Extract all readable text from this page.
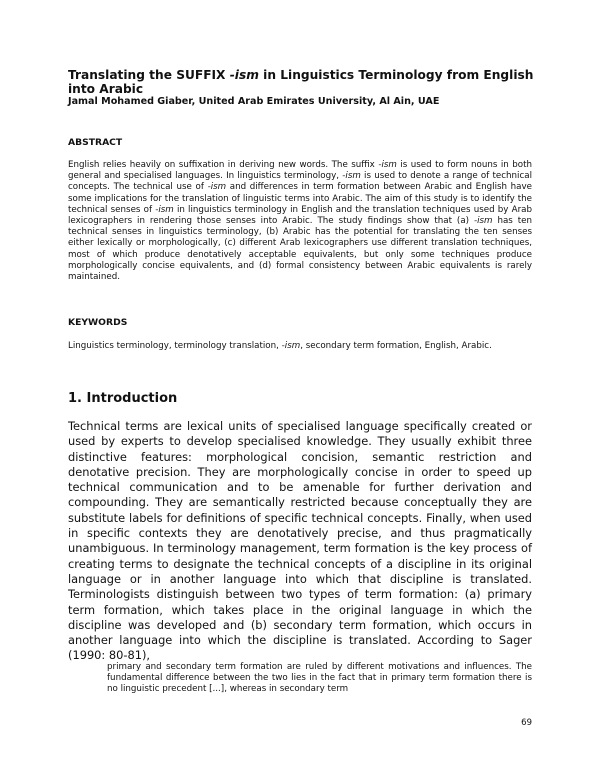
Translating the SUFFIX -ism in Linguistics Terminology from English into Arabic

Jamal Mohamed Giaber, United Arab Emirates University, Al Ain, UAE

ABSTRACT

English relies heavily on suffixation in deriving new words. The suffix -ism is used to form nouns in both general and specialised languages. In linguistics terminology, -ism is used to denote a range of technical concepts. The technical use of -ism and differences in term formation between Arabic and English have some implications for the translation of linguistic terms into Arabic. The aim of this study is to identify the technical senses of -ism in linguistics terminology in English and the translation techniques used by Arab lexicographers in rendering those senses into Arabic. The study findings show that (a) -ism has ten technical senses in linguistics terminology, (b) Arabic has the potential for translating the ten senses either lexically or morphologically, (c) different Arab lexicographers use different translation techniques, most of which produce denotatively acceptable equivalents, but only some techniques produce morphologically concise equivalents, and (d) formal consistency between Arabic equivalents is rarely maintained.

KEYWORDS

Linguistics terminology, terminology translation, -ism, secondary term formation, English, Arabic.

1. Introduction

Technical terms are lexical units of specialised language specifically created or used by experts to develop specialised knowledge. They usually exhibit three distinctive features: morphological concision, semantic restriction and denotative precision. They are morphologically concise in order to speed up technical communication and to be amenable for further derivation and compounding. They are semantically restricted because conceptually they are substitute labels for definitions of specific technical concepts. Finally, when used in specific contexts they are denotatively precise, and thus pragmatically unambiguous. In terminology management, term formation is the key process of creating terms to designate the technical concepts of a discipline in its original language or in another language into which that discipline is translated. Terminologists distinguish between two types of term formation: (a) primary term formation, which takes place in the original language in which the discipline was developed and (b) secondary term formation, which occurs in another language into which the discipline is translated. According to Sager (1990: 80-81),

primary and secondary term formation are ruled by different motivations and influences. The fundamental difference between the two lies in the fact that in primary term formation there is no linguistic precedent [...], whereas in secondary term

69
